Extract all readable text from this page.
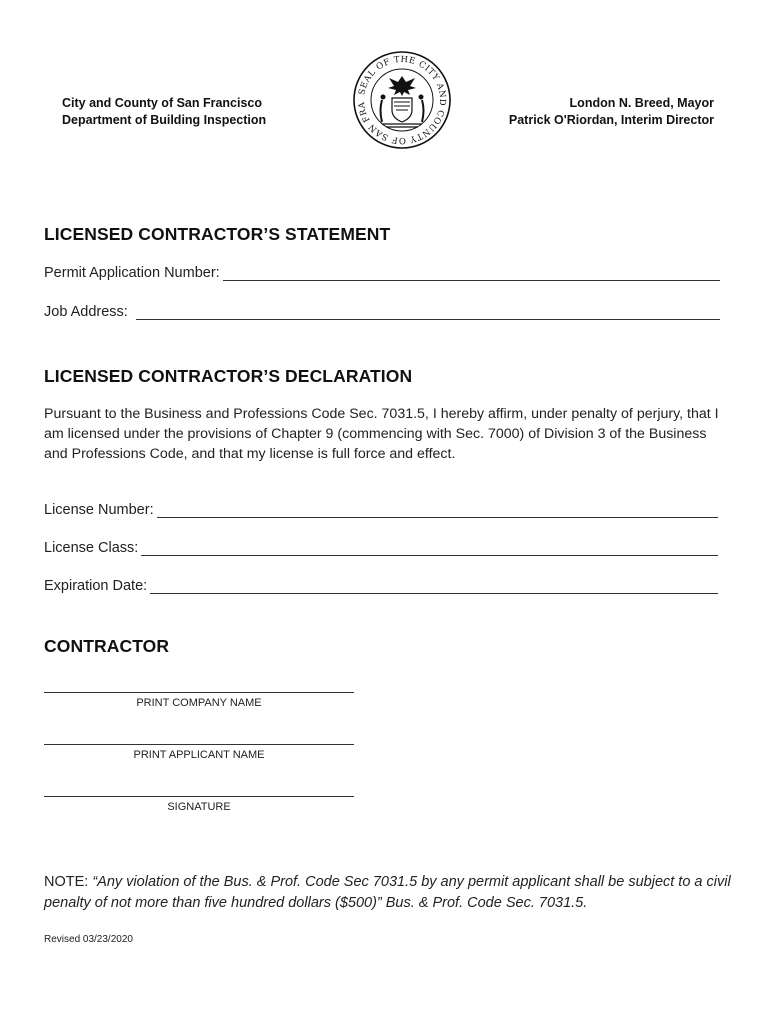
City and County of San Francisco
Department of Building Inspection
SEAL OF THE CITY AND COUNTY OF SAN FRA	London N. Breed, Mayor
Patrick O'Riordan, Interim Director
LICENSED CONTRACTOR’S STATEMENT
Permit Application Number:
Job Address:
LICENSED CONTRACTOR’S DECLARATION
Pursuant to the Business and Professions Code Sec. 7031.5, I hereby affirm, under penalty of perjury, that I am licensed under the provisions of Chapter 9 (commencing with Sec. 7000) of Division 3 of the Business and Professions Code, and that my license is full force and effect.
License Number:
License Class:
Expiration Date:
CONTRACTOR
PRINT COMPANY NAME
PRINT APPLICANT NAME
SIGNATURE
NOTE: “Any violation of the Bus. & Prof. Code Sec 7031.5 by any permit applicant shall be subject to a civil penalty of not more than five hundred dollars ($500)” Bus. & Prof. Code Sec. 7031.5.
Revised 03/23/2020
